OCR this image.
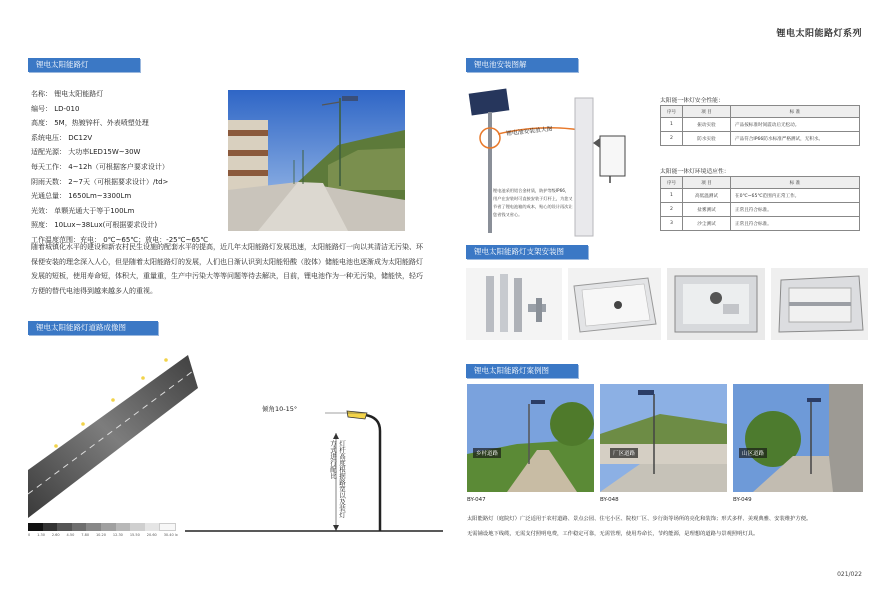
锂电太阳能路灯系列
锂电太阳能路灯	锂电池安装图解
锂电太阳能路灯道路成像图
锂电太阳能路灯支架安装图
锂电太阳能路灯案例图
名称： 锂电太阳能路灯
编号： LD-010
高度： 5M，热镀锌杆、外表喷塑处理
系统电压： DC12V
适配光源： 大功率LED15W~30W
每天工作： 4~12h（可根据客户要求设计）
阴雨天数： 2~7天（可根据要求设计）/td>
光通总量： 1650Lm~3300Lm
光效： 单颗光通大于等于100Lm
照度： 10Lux~38Lux(可根据要求设计)
工作温度范围：充电： 0℃~65℃；放电：-25℃~65℃
随着城镇化水平的建设和新农村民生设施的配套水平的提高，近几年太阳能路灯发展迅速，太阳能路灯一向以其清洁无污染、环保便安装的理念深入人心，但是随着太阳能路灯的发展，人们也日渐认识到太阳能铅酸（胶体）储能电池也逐渐成为太阳能路灯发展的短板，使用寿命短，体积大，重量重，生产中污染大等等问题等待去解决，目前，锂电池作为一种无污染，储能快，轻巧方便的替代电池得到越来越多人的重视。
锂电池安装放大图
锂电池采用铝合金材质，防护等级IP66，用户在安装时可直接安装于灯杆上，为您又节省了锂电池箱的成本，贴心的设计再次让您省钱又省心。
太阳能一体灯安全性能：
序号	项 目	标 准
1	振动实验	产品按标准时间震动后无松动。
2	防水实验	产品符合IP66防水标准严格测试，无积水。
太阳能一体灯环境适应性：
序号	项 目	标 准
1	高低温测试	在0℃~65℃范围内正常工作。
2	盐雾测试	正常且符合标准。
3	沙尘测试	正常且符合标准。
0 1.30 2.60 4.50 7.80 10.20 12.30 15.50 20.60 30.40 lx
倾角10-15°
灯杆高度根据路宽以及装灯方式进行配比	乡村道路	厂区道路	山区道路
BY-047	BY-048	BY-049
太阳能路灯（庭院灯）广泛适用于农村道路、景点公园、住宅小区、院校厂区、步行街等场所的亮化和装饰；形式多样、美观典雅、安装维护方便。
无需铺设地下线缆，无需支付照明电费，工作稳定可靠，无需管理，使用寿命长，节约能源，是理想的道路与景观照明灯具。
021/022
